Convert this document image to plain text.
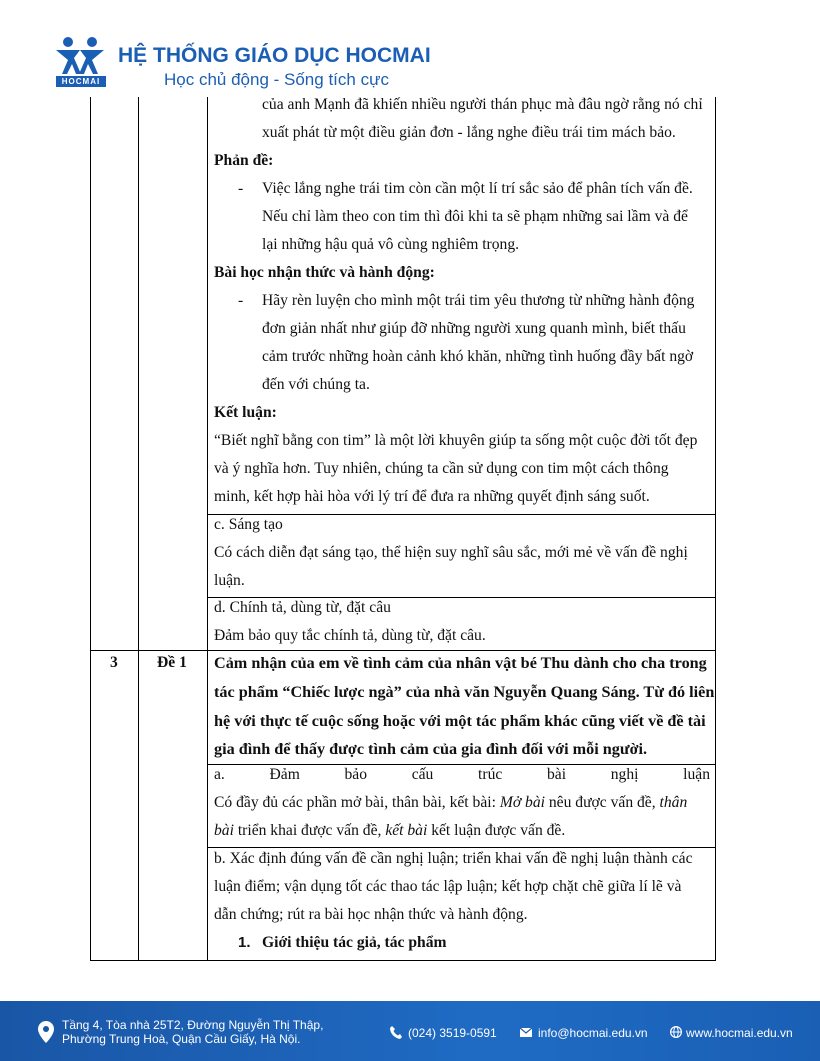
HOCMAI
HỆ THỐNG GIÁO DỤC HOCMAI
Học chủ động - Sống tích cực
của anh Mạnh đã khiến nhiều người thán phục mà đâu ngờ rằng nó chỉ
xuất phát từ một điều giản đơn - lắng nghe điều trái tim mách bảo.
Phản đề:
- Việc lắng nghe trái tim còn cần một lí trí sắc sảo để phân tích vấn đề.
Nếu chỉ làm theo con tim thì đôi khi ta sẽ phạm những sai lầm và để
lại những hậu quả vô cùng nghiêm trọng.
Bài học nhận thức và hành động:
- Hãy rèn luyện cho mình một trái tim yêu thương từ những hành động
đơn giản nhất như giúp đỡ những người xung quanh mình, biết thấu
cảm trước những hoàn cảnh khó khăn, những tình huống đầy bất ngờ
đến với chúng ta.
Kết luận:
“Biết nghĩ bằng con tim” là một lời khuyên giúp ta sống một cuộc đời tốt đẹp
và ý nghĩa hơn. Tuy nhiên, chúng ta cần sử dụng con tim một cách thông
minh, kết hợp hài hòa với lý trí để đưa ra những quyết định sáng suốt.
c. Sáng tạo
Có cách diễn đạt sáng tạo, thể hiện suy nghĩ sâu sắc, mới mẻ về vấn đề nghị
luận.
d. Chính tả, dùng từ, đặt câu
Đảm bảo quy tắc chính tả, dùng từ, đặt câu.
3	Đề 1 Cảm nhận của em về tình cảm của nhân vật bé Thu dành cho cha trong
tác phẩm “Chiếc lược ngà” của nhà văn Nguyễn Quang Sáng. Từ đó liên
hệ với thực tế cuộc sống hoặc với một tác phẩm khác cũng viết về đề tài
gia đình để thấy được tình cảm của gia đình đối với mỗi người.
a. Đảm bảo cấu trúc bài nghị luận
Có đầy đủ các phần mở bài, thân bài, kết bài: Mở bài nêu được vấn đề, thân
bài triển khai được vấn đề, kết bài kết luận được vấn đề.
b. Xác định đúng vấn đề cần nghị luận; triển khai vấn đề nghị luận thành các
luận điểm; vận dụng tốt các thao tác lập luận; kết hợp chặt chẽ giữa lí lẽ và
dẫn chứng; rút ra bài học nhận thức và hành động.
1. Giới thiệu tác giả, tác phẩm
Tầng 4, Tòa nhà 25T2, Đường Nguyễn Thị Thập,
Phường Trung Hoà, Quận Cầu Giấy, Hà Nội.	(024) 3519-0591	info@hocmai.edu.vn	www.hocmai.edu.vn
